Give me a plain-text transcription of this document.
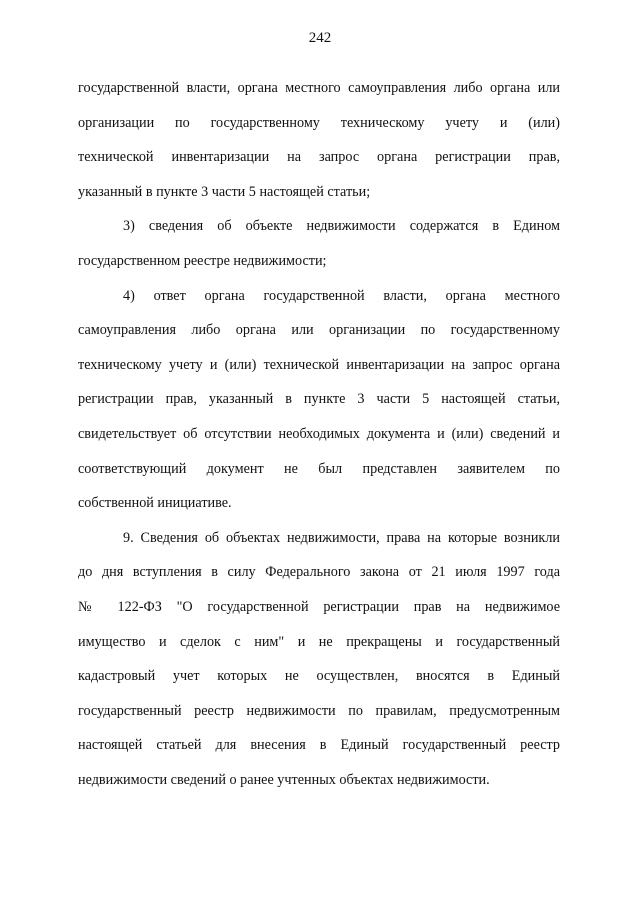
242
государственной власти, органа местного самоуправления либо органа или
организации по государственному техническому учету и (или)
технической инвентаризации на запрос органа регистрации прав,
указанный в пункте 3 части 5 настоящей статьи;
3) сведения об объекте недвижимости содержатся в Едином
государственном реестре недвижимости;
4) ответ органа государственной власти, органа местного
самоуправления либо органа или организации по государственному
техническому учету и (или) технической инвентаризации на запрос органа
регистрации прав, указанный в пункте 3 части 5 настоящей статьи,
свидетельствует об отсутствии необходимых документа и (или) сведений и
соответствующий документ не был представлен заявителем по
собственной инициативе.
9. Сведения об объектах недвижимости, права на которые возникли
до дня вступления в силу Федерального закона от 21 июля 1997 года
№ 122-ФЗ "О государственной регистрации прав на недвижимое
имущество и сделок с ним" и не прекращены и государственный
кадастровый учет которых не осуществлен, вносятся в Единый
государственный реестр недвижимости по правилам, предусмотренным
настоящей статьей для внесения в Единый государственный реестр
недвижимости сведений о ранее учтенных объектах недвижимости.
